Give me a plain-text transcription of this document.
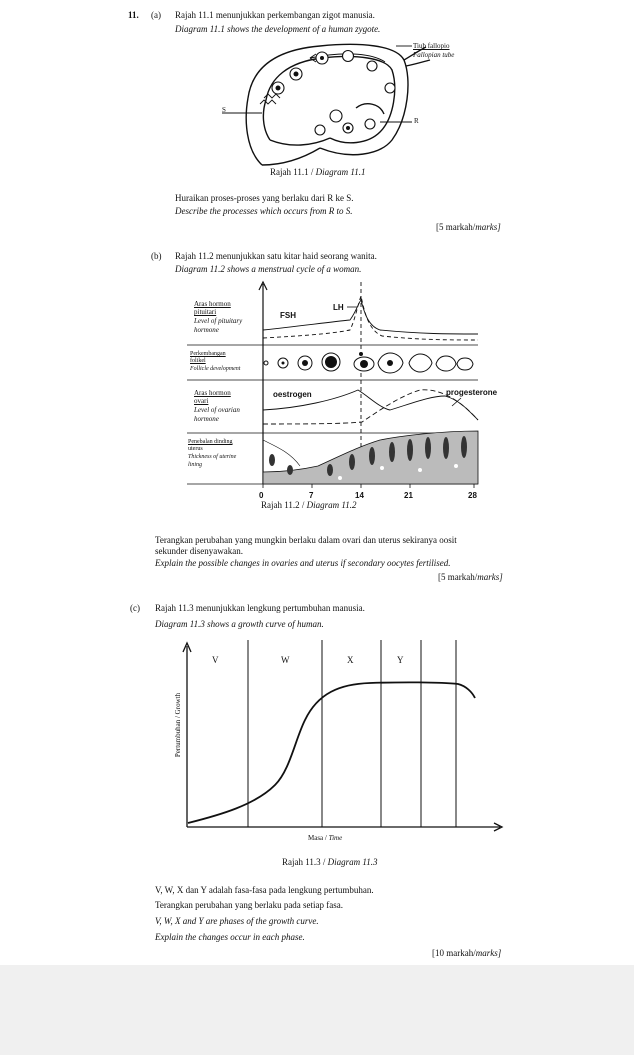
11. (a) Rajah 11.1 menunjukkan perkembangan zigot manusia.
Diagram 11.1 shows the development of a human zygote.
Tiub fallopio
Fallopian tube
S
R
Rajah 11.1 / Diagram 11.1
Huraikan proses-proses yang berlaku dari R ke S.
Describe the processes which occurs from R to S.
[5 markah/marks]
(b) Rajah 11.2 menunjukkan satu kitar haid seorang wanita.
Diagram 11.2 shows a menstrual cycle of a woman.
Aras hormon
pituitari
Level of pituitary
hormone
Perkembangan
folikel
Follicle development
Aras hormon
ovari
Level of ovarian
hormone
Penebalan dinding
uterus
Thickness of uterine
lining
FSH
LH
oestrogen	progesterone
0	7	14	21	28
Rajah 11.2 / Diagram 11.2
Terangkan perubahan yang mungkin berlaku dalam ovari dan uterus sekiranya oosit
sekunder disenyawakan.
Explain the possible changes in ovaries and uterus if secondary oocytes fertilised.
[5 markah/marks]
(c) Rajah 11.3 menunjukkan lengkung pertumbuhan manusia.
Diagram 11.3 shows a growth curve of human.
V	W	X	Y
Pertumbuhan / Growth
Masa / Time
Rajah 11.3 / Diagram 11.3
V, W, X dan Y adalah fasa-fasa pada lengkung pertumbuhan.
Terangkan perubahan yang berlaku pada setiap fasa.
V, W, X and Y are phases of the growth curve.
Explain the changes occur in each phase.
[10 markah/marks]
